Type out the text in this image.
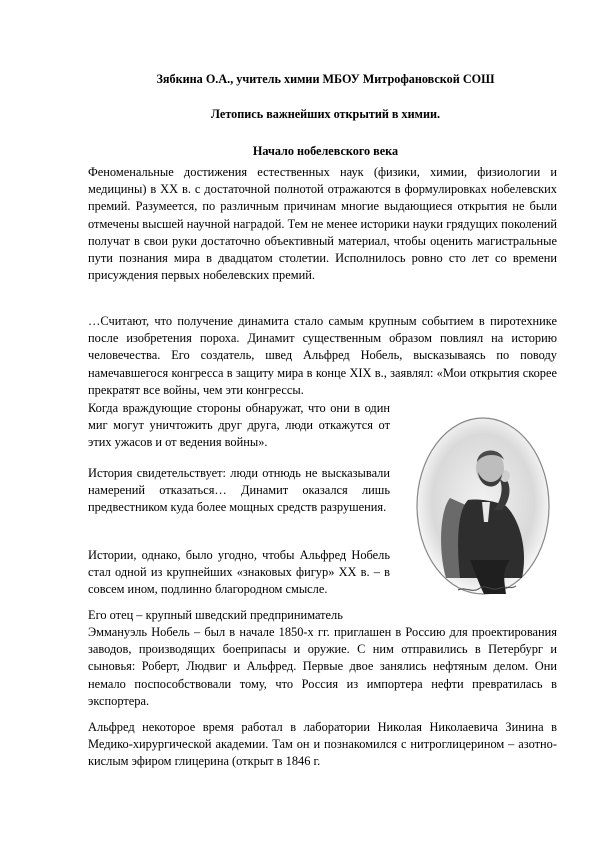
Зябкина О.А., учитель химии МБОУ Митрофановской СОШ

Летопись важнейших открытий в химии.

Начало нобелевского века

Феноменальные достижения естественных наук (физики, химии, физиологии и медицины) в XX в. с достаточной полнотой отражаются в формулировках нобелевских премий. Разумеется, по различным причинам многие выдающиеся открытия не были отмечены высшей научной наградой. Тем не менее историки науки грядущих поколений получат в свои руки достаточно объективный материал, чтобы оценить магистральные пути познания мира в двадцатом столетии. Исполнилось ровно сто лет со времени присуждения первых нобелевских премий.

…Считают, что получение динамита стало самым крупным событием в пиротехнике после изобретения пороха. Динамит существенным образом повлиял на историю человечества. Его создатель, швед Альфред Нобель, высказываясь по поводу намечавшегося конгресса в защиту мира в конце XIX в., заявлял: «Мои открытия скорее прекратят все войны, чем эти конгрессы.

Когда враждующие стороны обнаружат, что они в один миг могут уничтожить друг друга, люди откажутся от этих ужасов и от ведения войны».

История свидетельствует: люди отнюдь не высказывали намерений отказаться… Динамит оказался лишь предвестником куда более мощных средств разрушения.

Истории, однако, было угодно, чтобы Альфред Нобель стал одной из крупнейших «знаковых фигур» XX в. – в совсем ином, подлинно благородном смысле.

Его отец – крупный шведский предприниматель

Эммануэль Нобель – был в начале 1850-х гг. приглашен в Россию для проектирования заводов, производящих боеприпасы и оружие. С ним отправились в Петербург и сыновья: Роберт, Людвиг и Альфред. Первые двое занялись нефтяным делом. Они немало поспособствовали тому, что Россия из импортера нефти превратилась в экспортера.

Альфред некоторое время работал в лаборатории Николая Николаевича Зинина в Медико-хирургической академии. Там он и познакомился с нитроглицерином – азотно-кислым эфиром глицерина (открыт в 1846 г.
